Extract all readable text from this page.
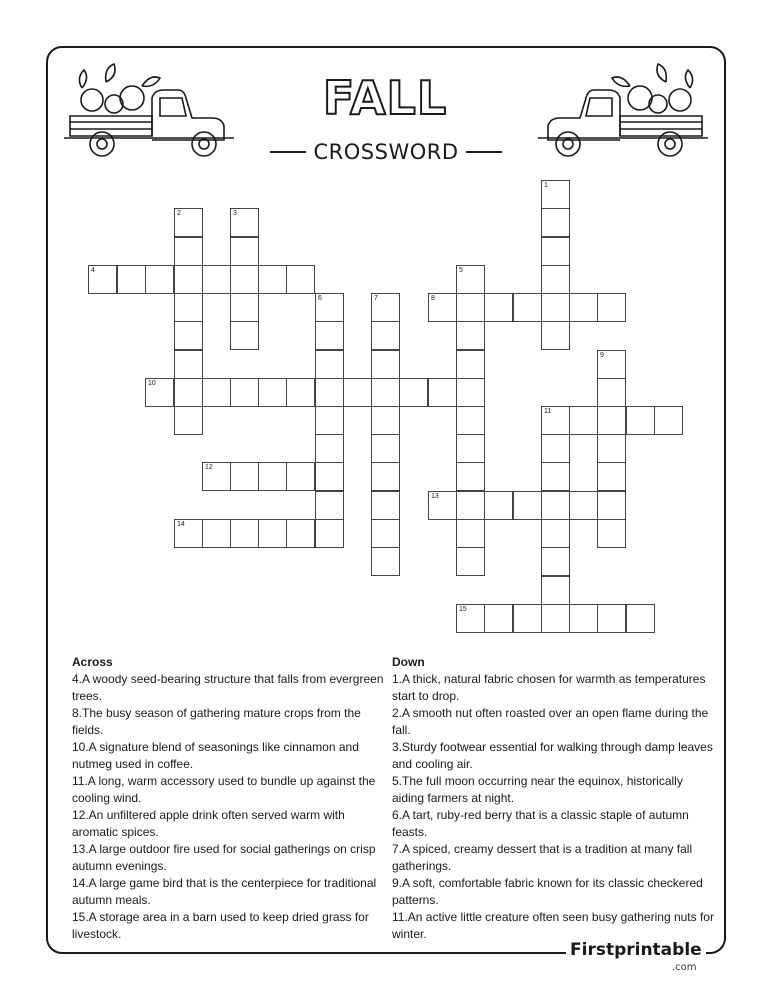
FALL
CROSSWORD
1
2	3
4	5
6	7	8
9
10
11
12
13
14
15
Across

4.A woody seed-bearing structure that falls from evergreen trees.

8.The busy season of gathering mature crops from the fields.

10.A signature blend of seasonings like cinnamon and nutmeg used in coffee.

11.A long, warm accessory used to bundle up against the cooling wind.

12.An unfiltered apple drink often served warm with aromatic spices.

13.A large outdoor fire used for social gatherings on crisp autumn evenings.

14.A large game bird that is the centerpiece for traditional autumn meals.

15.A storage area in a barn used to keep dried grass for livestock.

Down

1.A thick, natural fabric chosen for warmth as temperatures start to drop.

2.A smooth nut often roasted over an open flame during the fall.

3.Sturdy footwear essential for walking through damp leaves and cooling air.

5.The full moon occurring near the equinox, historically aiding farmers at night.

6.A tart, ruby-red berry that is a classic staple of autumn feasts.

7.A spiced, creamy dessert that is a tradition at many fall gatherings.

9.A soft, comfortable fabric known for its classic checkered patterns.

11.An active little creature often seen busy gathering nuts for winter.

Firstprintable
.com
